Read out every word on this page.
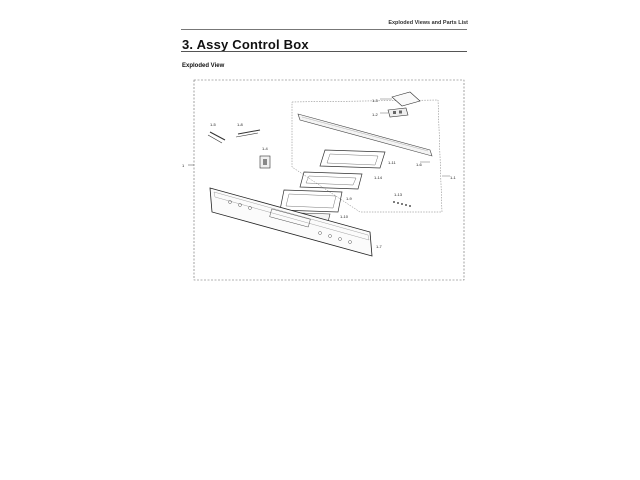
Exploded Views and Parts List
3. Assy Control Box
Exploded View
1
1-3
1-2
1-5	1-8
1-4
1-11
1-14
1-6
1-1
1-9
1-13
1-10
1-7
